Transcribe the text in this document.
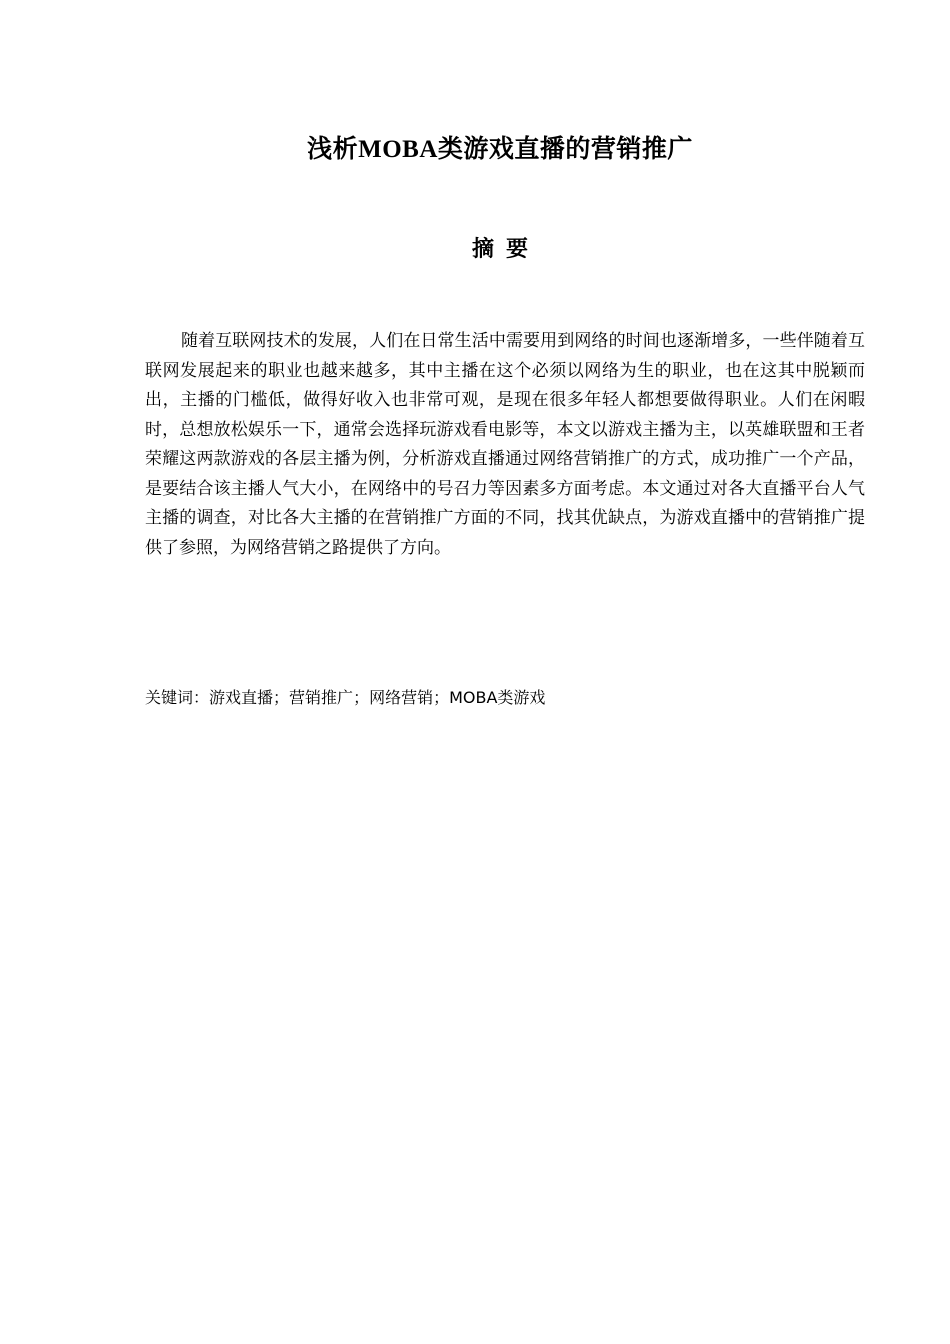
浅析MOBA类游戏直播的营销推广
摘 要
随着互联网技术的发展，人们在日常生活中需要用到网络的时间也逐渐增多，一些伴随着互联网发展起来的职业也越来越多，其中主播在这个必须以网络为生的职业，也在这其中脱颖而出，主播的门槛低，做得好收入也非常可观，是现在很多年轻人都想要做得职业。人们在闲暇时，总想放松娱乐一下，通常会选择玩游戏看电影等，本文以游戏主播为主，以英雄联盟和王者荣耀这两款游戏的各层主播为例，分析游戏直播通过网络营销推广的方式，成功推广一个产品，是要结合该主播人气大小，在网络中的号召力等因素多方面考虑。本文通过对各大直播平台人气主播的调查，对比各大主播的在营销推广方面的不同，找其优缺点，为游戏直播中的营销推广提供了参照，为网络营销之路提供了方向。
关键词：游戏直播；营销推广；网络营销；MOBA类游戏
